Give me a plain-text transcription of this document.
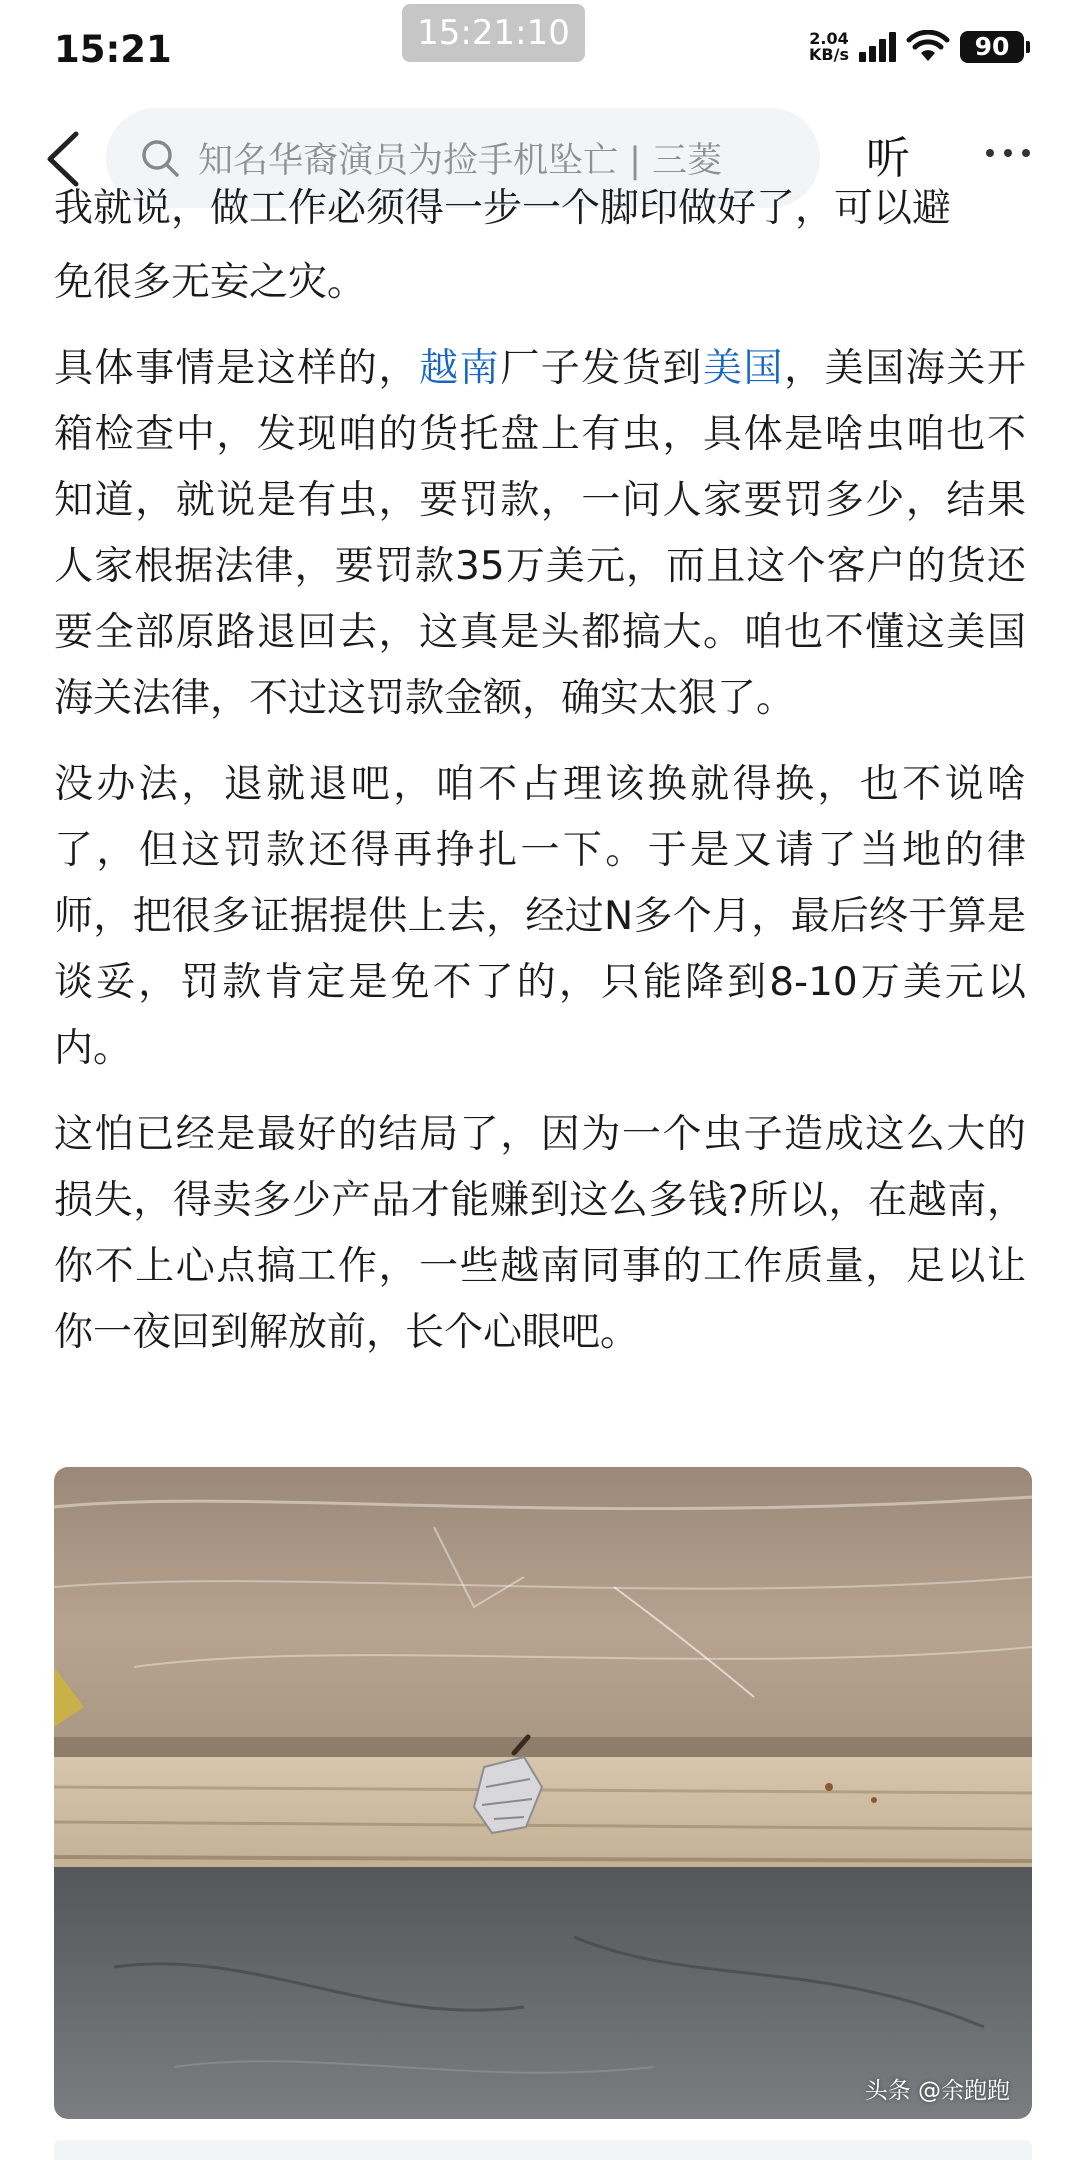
15:21	15:21:10	2.04
KB/s	90
知名华裔演员为捡手机坠亡 | 三菱	听

我就说，做工作必须得一步一个脚印做好了，可以避

免很多无妄之灾。

具体事情是这样的，越南厂子发货到美国，美国海关开箱检查中，发现咱的货托盘上有虫，具体是啥虫咱也不知道，就说是有虫，要罚款，一问人家要罚多少，结果人家根据法律，要罚款35万美元，而且这个客户的货还要全部原路退回去，这真是头都搞大。咱也不懂这美国海关法律，不过这罚款金额，确实太狠了。

没办法，退就退吧，咱不占理该换就得换，也不说啥了，但这罚款还得再挣扎一下。于是又请了当地的律师，把很多证据提供上去，经过N多个月，最后终于算是谈妥，罚款肯定是免不了的，只能降到8-10万美元以内。

这怕已经是最好的结局了，因为一个虫子造成这么大的损失，得卖多少产品才能赚到这么多钱?所以，在越南，你不上心点搞工作，一些越南同事的工作质量，足以让你一夜回到解放前，长个心眼吧。

头条 @余跑跑
